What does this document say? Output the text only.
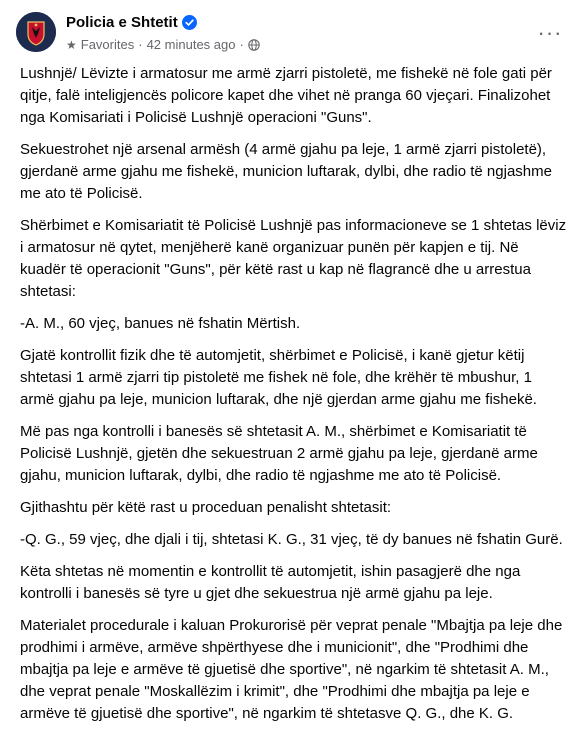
Policia e Shtetit
★ Favorites · 42 minutes ago ·	···

Lushnjë/ Lëvizte i armatosur me armë zjarri pistoletë, me fishekë në fole gati për qitje, falë inteligjencës policore kapet dhe vihet në pranga 60 vjeçari. Finalizohet nga Komisariati i Policisë Lushnjë operacioni "Guns".

Sekuestrohet një arsenal armësh (4 armë gjahu pa leje, 1 armë zjarri pistoletë), gjerdanë arme gjahu me fishekë, municion luftarak, dylbi, dhe radio të ngjashme me ato të Policisë.

Shërbimet e Komisariatit të Policisë Lushnjë pas informacioneve se 1 shtetas lëviz i armatosur në qytet, menjëherë kanë organizuar punën për kapjen e tij. Në kuadër të operacionit "Guns", për këtë rast u kap në flagrancë dhe u arrestua shtetasi:

-A. M., 60 vjeç, banues në fshatin Mërtish.

Gjatë kontrollit fizik dhe të automjetit, shërbimet e Policisë, i kanë gjetur këtij shtetasi 1 armë zjarri tip pistoletë me fishek në fole, dhe krëhër të mbushur, 1 armë gjahu pa leje, municion luftarak, dhe një gjerdan arme gjahu me fishekë.

Më pas nga kontrolli i banesës së shtetasit A. M., shërbimet e Komisariatit të Policisë Lushnjë, gjetën dhe sekuestruan 2 armë gjahu pa leje, gjerdanë arme gjahu, municion luftarak, dylbi, dhe radio të ngjashme me ato të Policisë.

Gjithashtu për këtë rast u proceduan penalisht shtetasit:

-Q. G., 59 vjeç, dhe djali i tij, shtetasi K. G., 31 vjeç, të dy banues në fshatin Gurë.

Këta shtetas në momentin e kontrollit të automjetit, ishin pasagjerë dhe nga kontrolli i banesës së tyre u gjet dhe sekuestrua një armë gjahu pa leje.

Materialet procedurale i kaluan Prokurorisë për veprat penale "Mbajtja pa leje dhe prodhimi i armëve, armëve shpërthyese dhe i municionit", dhe "Prodhimi dhe mbajtja pa leje e armëve të gjuetisë dhe sportive", në ngarkim të shtetasit A. M., dhe veprat penale "Moskallëzim i krimit", dhe "Prodhimi dhe mbajtja pa leje e armëve të gjuetisë dhe sportive", në ngarkim të shtetasve Q. G., dhe K. G.
